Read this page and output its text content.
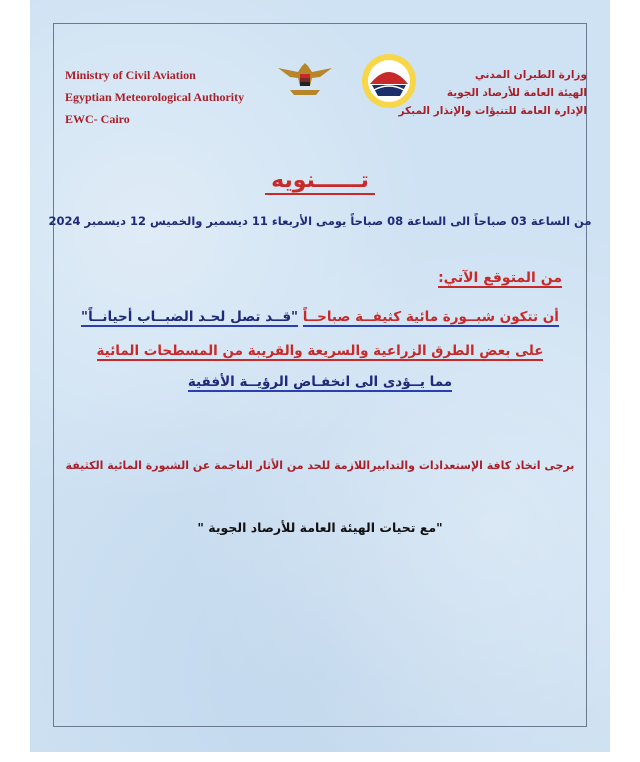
Ministry of Civil Aviation
Egyptian Meteorological Authority
EWC- Cairo
وزارة الطيران المدني
الهيئة العامة للأرصاد الجوية
الإدارة العامة للتنبؤات والإنذار المبكر
تــــــنويه
من الساعة 03 صباحاً الى الساعة 08 صباحاً يومى الأربعاء 11 ديسمبر والخميس 12 ديسمبر 2024
من المتوقع الآتي:
أن تتكون شبــورة مائية كثيفــة صباحــاً "قــد تصل لحـد الضبــاب أحيانــاً"
على بعض الطرق الزراعية والسريعة والقريبة من المسطحات المائية
مما يــؤدى الى انخفـاض الرؤيــة الأفقية
برجى اتخاذ كافة الإستعدادات والتدابيراللازمة للحد من الأثار الناجمة عن الشبورة المائية الكثيفة
"مع تحيات الهيئة العامة للأرصاد الجوية "
